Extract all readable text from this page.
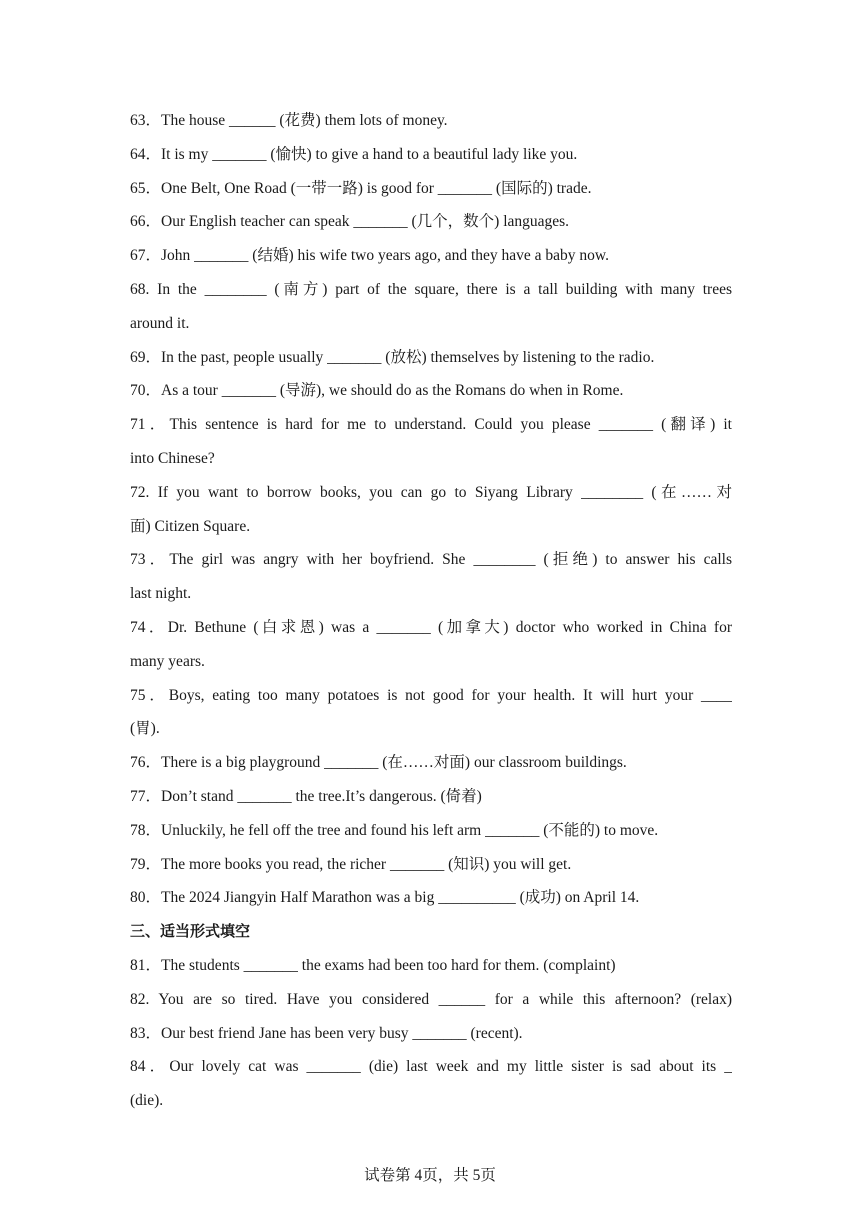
63．The house ______ (花费) them lots of money.
64．It is my _______ (愉快) to give a hand to a beautiful lady like you.
65．One Belt, One Road (一带一路) is good for _______ (国际的) trade.
66．Our English teacher can speak _______ (几个，数个) languages.
67．John _______ (结婚) his wife two years ago, and they have a baby now.
68. In the ________ (南方) part of the square, there is a tall building with many trees
around it.
69．In the past, people usually _______ (放松) themselves by listening to the radio.
70．As a tour _______ (导游), we should do as the Romans do when in Rome.
71．This sentence is hard for me to understand. Could you please _______ (翻译) it
into Chinese?
72. If you want to borrow books, you can go to Siyang Library ________ (在……对
面) Citizen Square.
73．The girl was angry with her boyfriend. She ________ (拒绝) to answer his calls
last night.
74．Dr. Bethune (白求恩) was a _______ (加拿大) doctor who worked in China for
many years.
75．Boys, eating too many potatoes is not good for your health. It will hurt your ____
(胃).
76．There is a big playground _______ (在……对面) our classroom buildings.
77．Don’t stand _______ the tree.It’s dangerous. (倚着)
78．Unluckily, he fell off the tree and found his left arm _______ (不能的) to move.
79．The more books you read, the richer _______ (知识) you will get.
80．The 2024 Jiangyin Half Marathon was a big __________ (成功) on April 14.
三、适当形式填空
81．The students _______ the exams had been too hard for them. (complaint)
82. You are so tired. Have you considered ______ for a while this afternoon? (relax)
83．Our best friend Jane has been very busy _______ (recent).
84．Our lovely cat was _______ (die) last week and my little sister is sad about its _
(die).
试卷第 4页，共 5页
